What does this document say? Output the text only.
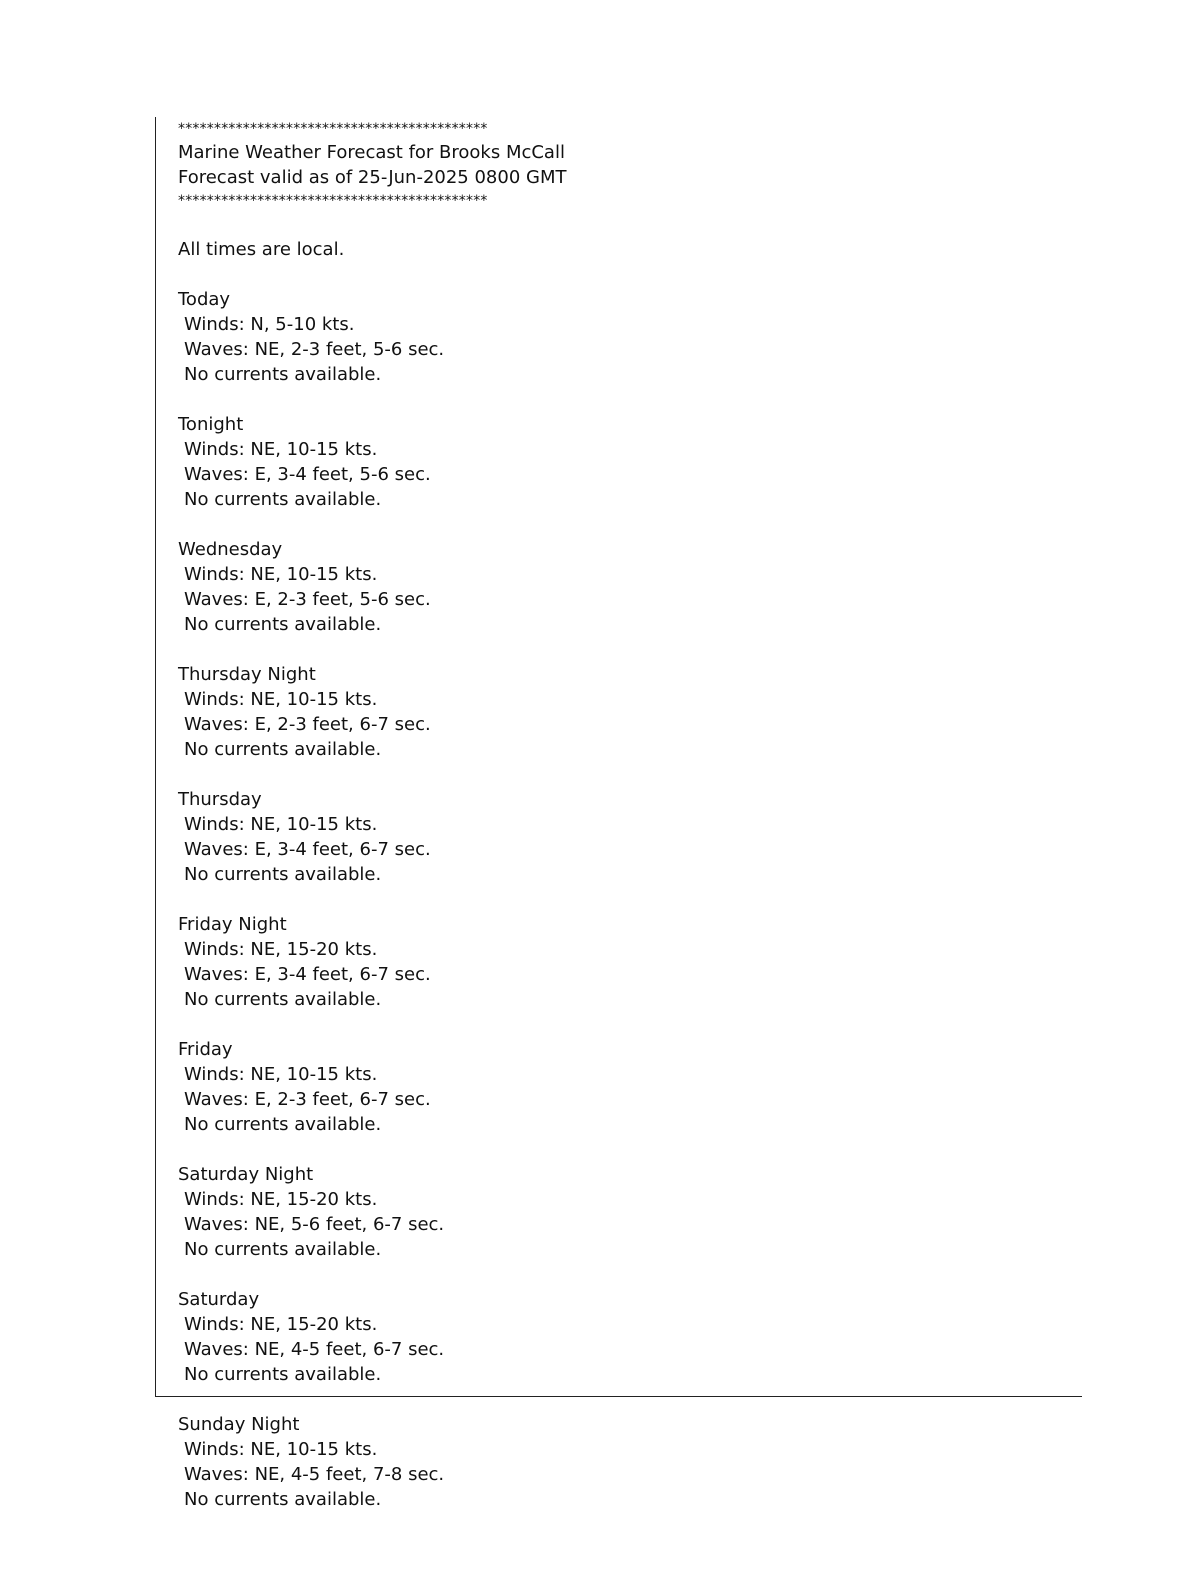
*******************************************
Marine Weather Forecast for Brooks McCall
Forecast valid as of 25-Jun-2025 0800 GMT
*******************************************
All times are local.
Today
Winds: N, 5-10 kts.
Waves: NE, 2-3 feet, 5-6 sec.
No currents available.
Tonight
Winds: NE, 10-15 kts.
Waves: E, 3-4 feet, 5-6 sec.
No currents available.
Wednesday
Winds: NE, 10-15 kts.
Waves: E, 2-3 feet, 5-6 sec.
No currents available.
Thursday Night
Winds: NE, 10-15 kts.
Waves: E, 2-3 feet, 6-7 sec.
No currents available.
Thursday
Winds: NE, 10-15 kts.
Waves: E, 3-4 feet, 6-7 sec.
No currents available.
Friday Night
Winds: NE, 15-20 kts.
Waves: E, 3-4 feet, 6-7 sec.
No currents available.
Friday
Winds: NE, 10-15 kts.
Waves: E, 2-3 feet, 6-7 sec.
No currents available.
Saturday Night
Winds: NE, 15-20 kts.
Waves: NE, 5-6 feet, 6-7 sec.
No currents available.
Saturday
Winds: NE, 15-20 kts.
Waves: NE, 4-5 feet, 6-7 sec.
No currents available.
Sunday Night
Winds: NE, 10-15 kts.
Waves: NE, 4-5 feet, 7-8 sec.
No currents available.
